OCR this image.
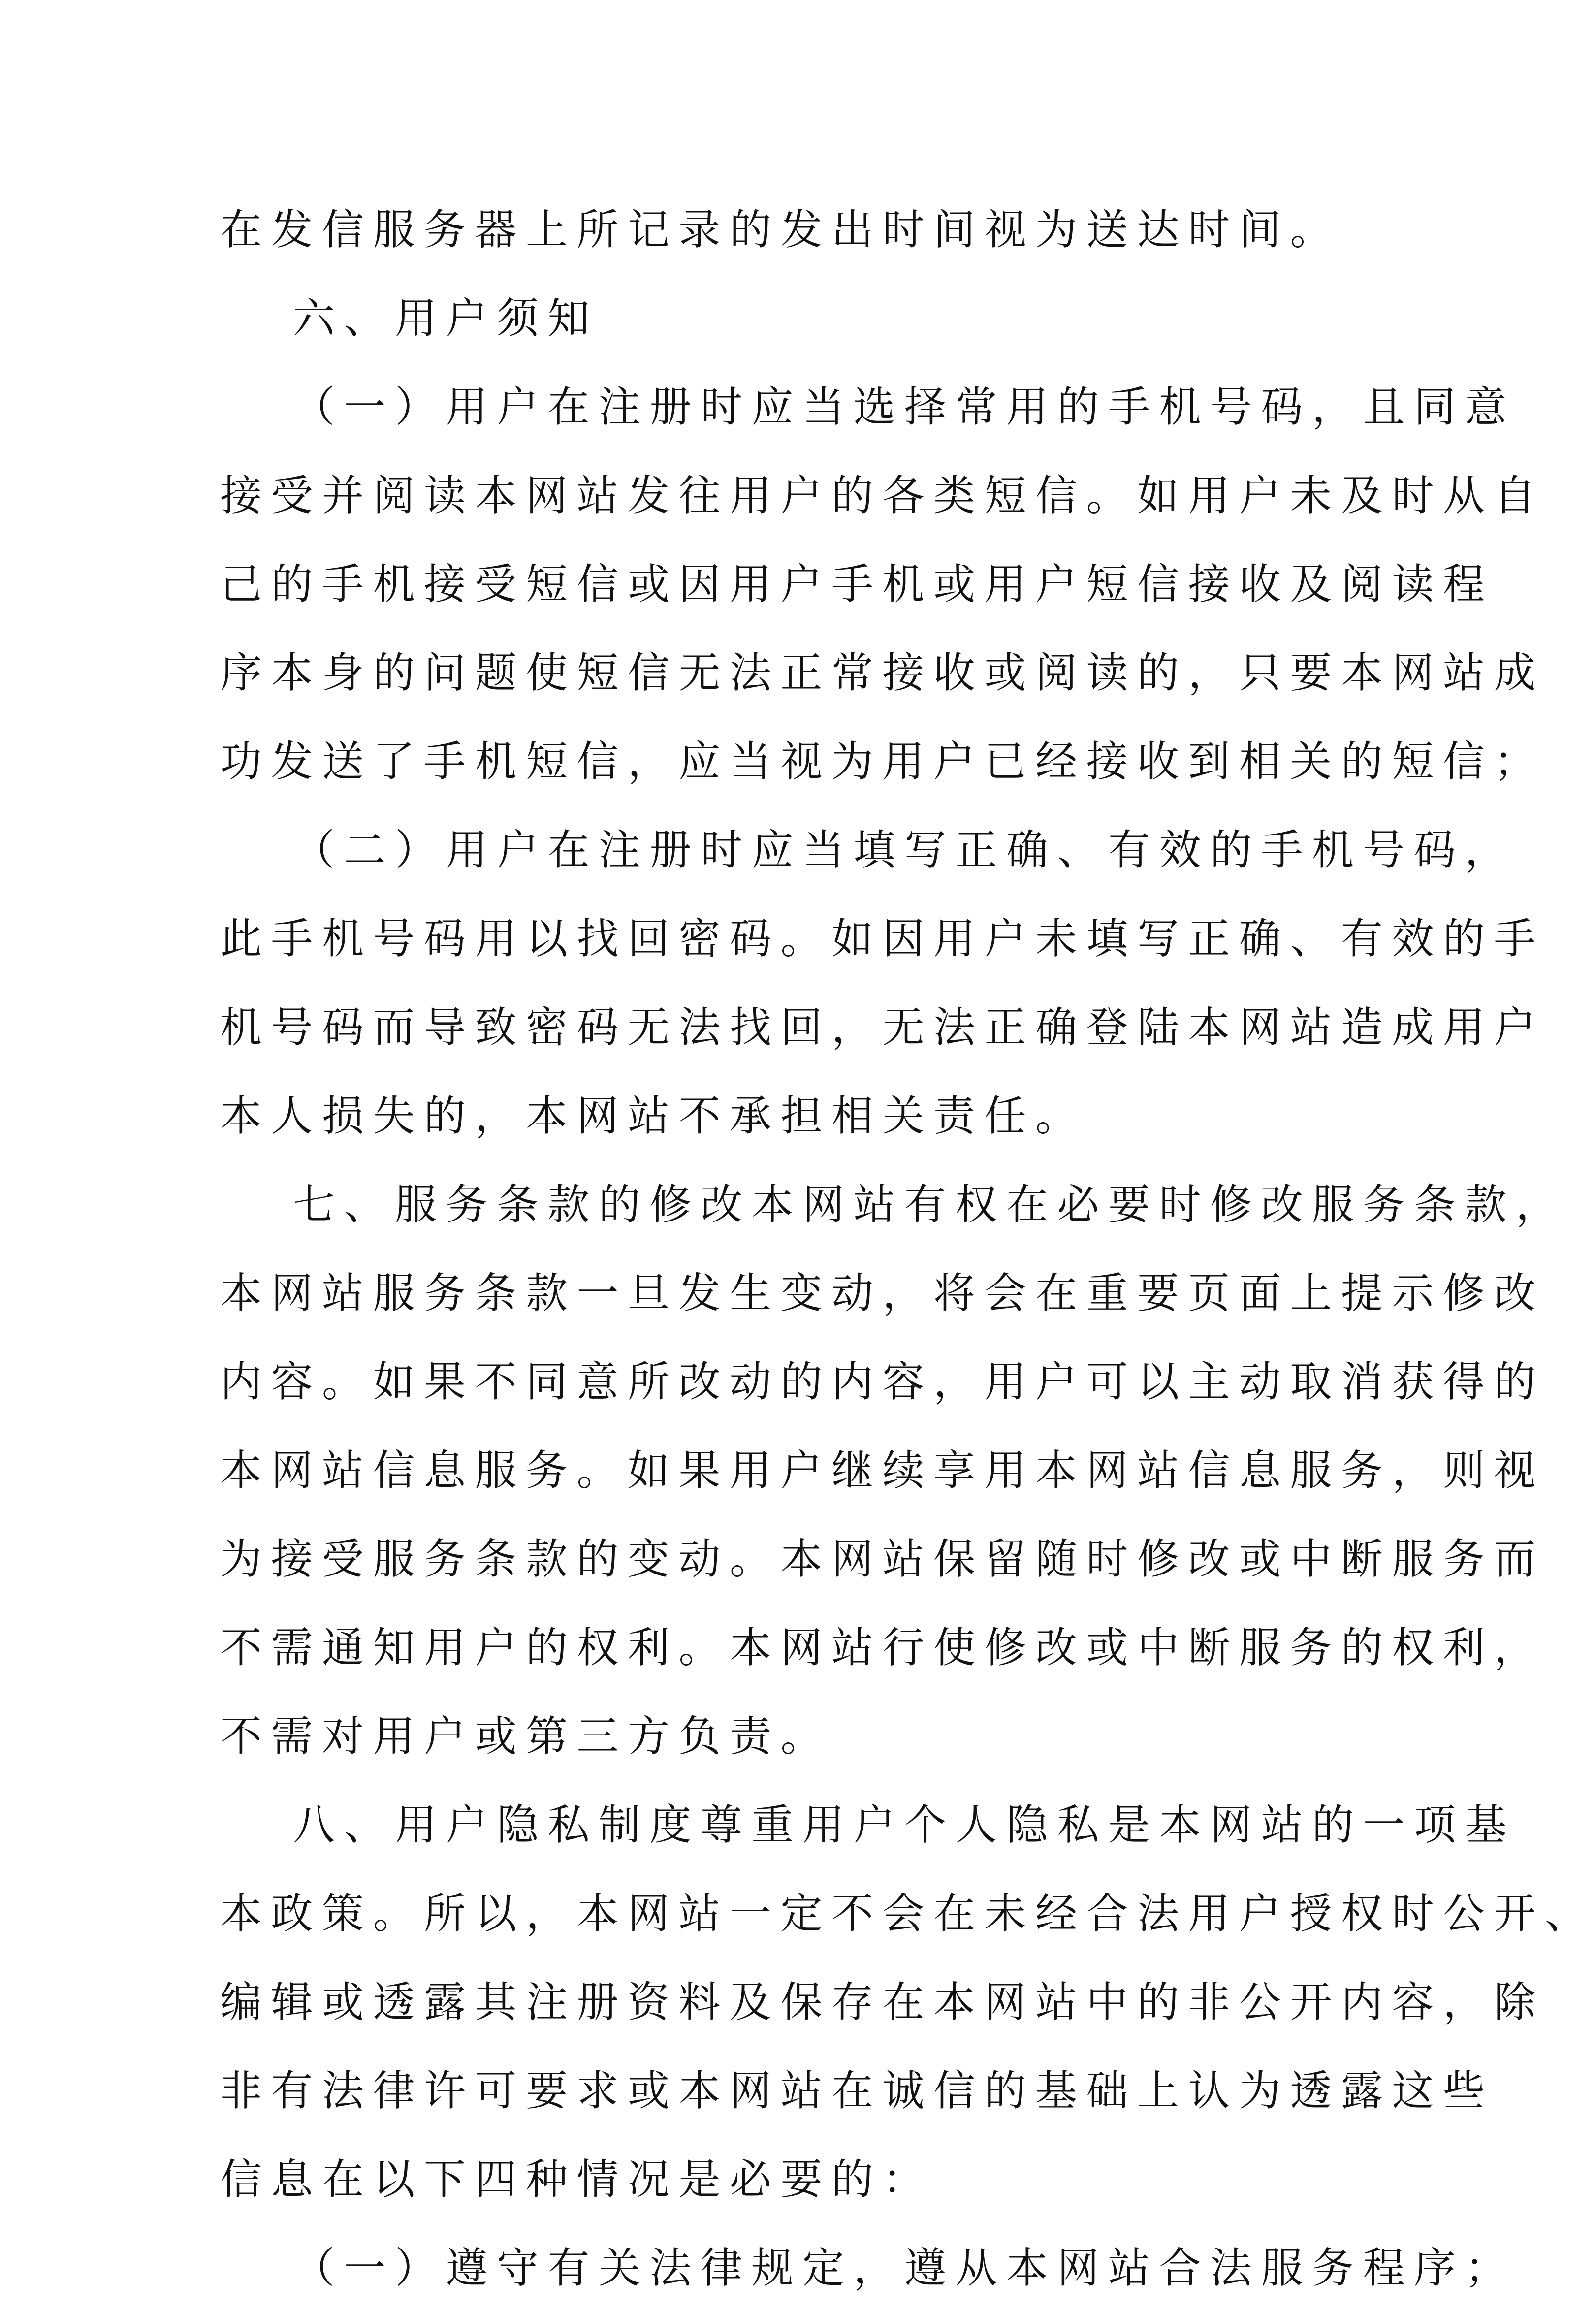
在发信服务器上所记录的发出时间视为送达时间。
六、用户须知
（一）用户在注册时应当选择常用的手机号码，且同意
接受并阅读本网站发往用户的各类短信。如用户未及时从自
己的手机接受短信或因用户手机或用户短信接收及阅读程
序本身的问题使短信无法正常接收或阅读的，只要本网站成
功发送了手机短信，应当视为用户已经接收到相关的短信；
（二）用户在注册时应当填写正确、有效的手机号码，
此手机号码用以找回密码。如因用户未填写正确、有效的手
机号码而导致密码无法找回，无法正确登陆本网站造成用户
本人损失的，本网站不承担相关责任。
七、服务条款的修改本网站有权在必要时修改服务条款，
本网站服务条款一旦发生变动，将会在重要页面上提示修改
内容。如果不同意所改动的内容，用户可以主动取消获得的
本网站信息服务。如果用户继续享用本网站信息服务，则视
为接受服务条款的变动。本网站保留随时修改或中断服务而
不需通知用户的权利。本网站行使修改或中断服务的权利，
不需对用户或第三方负责。
八、用户隐私制度尊重用户个人隐私是本网站的一项基
本政策。所以，本网站一定不会在未经合法用户授权时公开、
编辑或透露其注册资料及保存在本网站中的非公开内容，除
非有法律许可要求或本网站在诚信的基础上认为透露这些
信息在以下四种情况是必要的：
（一）遵守有关法律规定，遵从本网站合法服务程序；
